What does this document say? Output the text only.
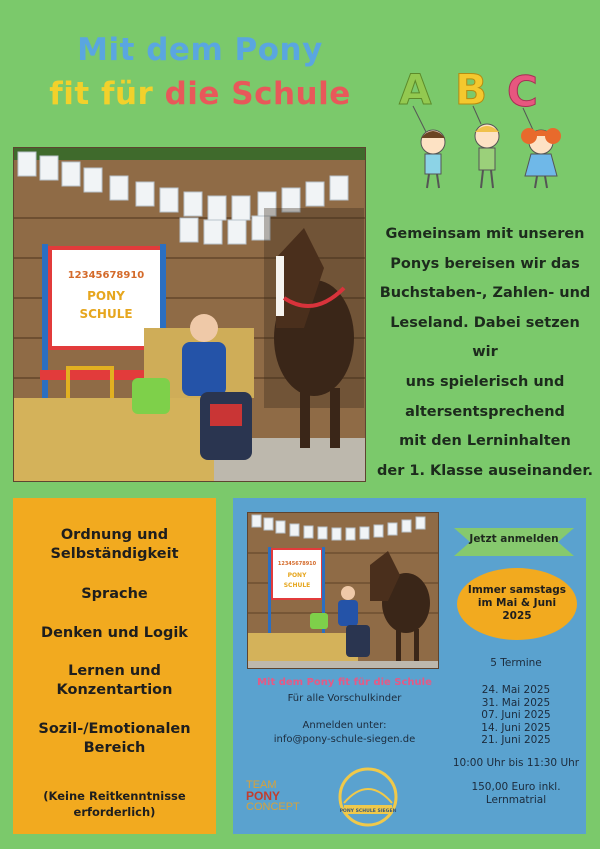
Mit dem Pony
fit für die Schule	A B C
12345678910
PONY
SCHULE
Gemeinsam mit unseren
Ponys bereisen wir das
Buchstaben-, Zahlen- und
Leseland. Dabei setzen wir
uns spielerisch und
altersentsprechend
mit den Lerninhalten
der 1. Klasse auseinander.
Ordnung und
Selbständigkeit
Sprache
Denken und Logik
Lernen und
Konzentartion
Sozil-/Emotionalen
Bereich
(Keine Reitkenntnisse
erforderlich)
12345678910
PONY
SCHULE
Mit dem Pony fit für die Schule
Für alle Vorschulkinder
Anmelden unter:
info@pony-schule-siegen.de
TEAM
PONY
CONCEPT	PONY SCHULE SIEGEN
Jetzt anmelden
Immer samstags
im Mai & Juni
2025
5 Termine
24. Mai 2025
31. Mai 2025
07. Juni 2025
14. Juni 2025
21. Juni 2025
10:00 Uhr bis 11:30 Uhr
150,00 Euro inkl.
Lernmatrial
